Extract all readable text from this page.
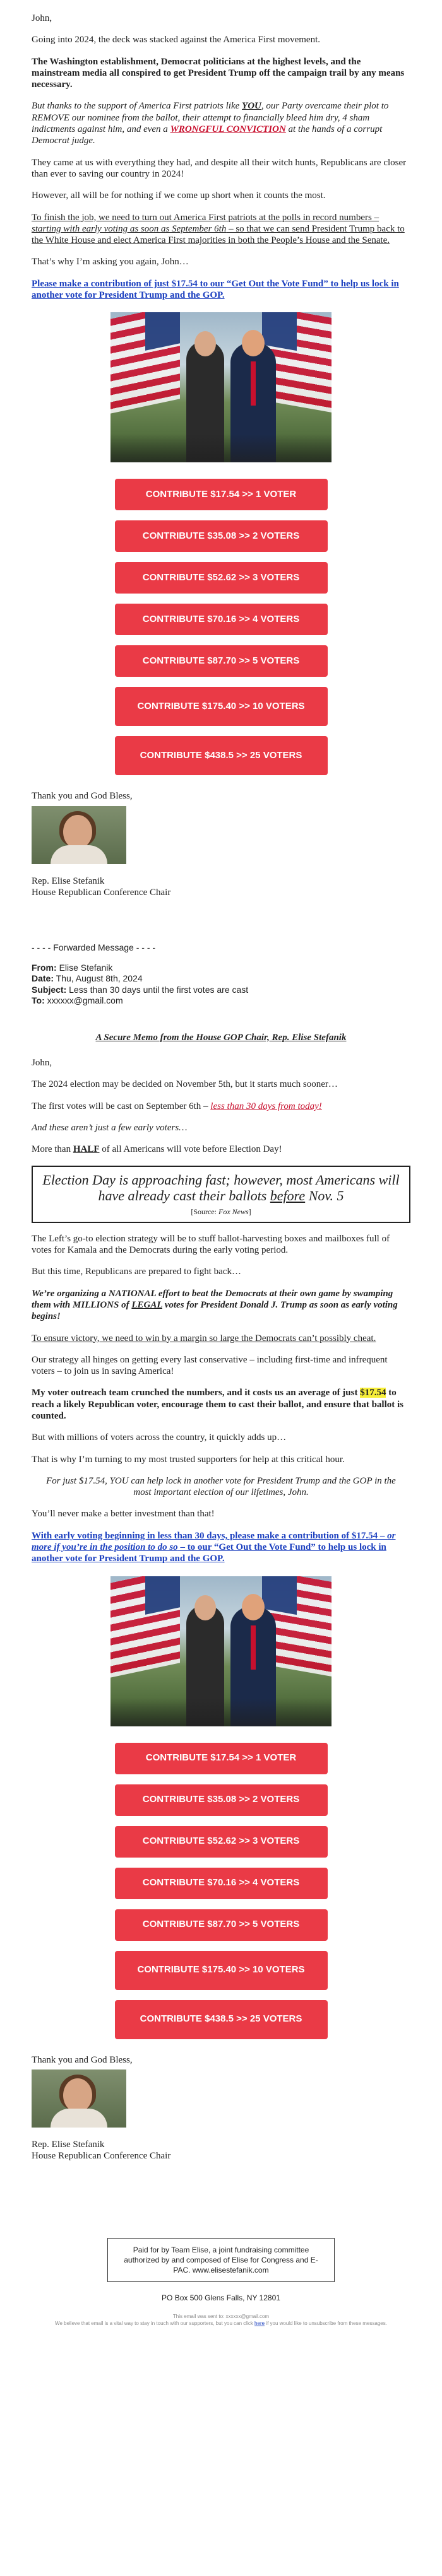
John,

Going into 2024, the deck was stacked against the America First movement.

The Washington establishment, Democrat politicians at the highest levels, and the mainstream media all conspired to get President Trump off the campaign trail by any means necessary.

But thanks to the support of America First patriots like YOU, our Party overcame their plot to REMOVE our nominee from the ballot, their attempt to financially bleed him dry, 4 sham indictments against him, and even a WRONGFUL CONVICTION at the hands of a corrupt Democrat judge.

They came at us with everything they had, and despite all their witch hunts, Republicans are closer than ever to saving our country in 2024!

However, all will be for nothing if we come up short when it counts the most.

To finish the job, we need to turn out America First patriots at the polls in record numbers – starting with early voting as soon as September 6th – so that we can send President Trump back to the White House and elect America First majorities in both the People’s House and the Senate.

That’s why I’m asking you again, John…

Please make a contribution of just $17.54 to our “Get Out the Vote Fund” to help us lock in another vote for President Trump and the GOP.

CONTRIBUTE $17.54 >> 1 VOTER
CONTRIBUTE $35.08 >> 2 VOTERS
CONTRIBUTE $52.62 >> 3 VOTERS
CONTRIBUTE $70.16 >> 4 VOTERS
CONTRIBUTE $87.70 >> 5 VOTERS
CONTRIBUTE $175.40 >> 10 VOTERS
CONTRIBUTE $438.5 >> 25 VOTERS

Thank you and God Bless,

Rep. Elise Stefanik
House Republican Conference Chair
- - - - Forwarded Message - - - -
From: Elise Stefanik
Date: Thu, August 8th, 2024
Subject: Less than 30 days until the first votes are cast
To: xxxxxx@gmail.com
A Secure Memo from the House GOP Chair, Rep. Elise Stefanik

John,

The 2024 election may be decided on November 5th, but it starts much sooner…

The first votes will be cast on September 6th – less than 30 days from today!

And these aren’t just a few early voters…

More than HALF of all Americans will vote before Election Day!

Election Day is approaching fast; however, most Americans will have already cast their ballots before Nov. 5
[Source: Fox News]

The Left’s go-to election strategy will be to stuff ballot-harvesting boxes and mailboxes full of votes for Kamala and the Democrats during the early voting period.

But this time, Republicans are prepared to fight back…

We’re organizing a NATIONAL effort to beat the Democrats at their own game by swamping them with MILLIONS of LEGAL votes for President Donald J. Trump as soon as early voting begins!

To ensure victory, we need to win by a margin so large the Democrats can’t possibly cheat.

Our strategy all hinges on getting every last conservative – including first-time and infrequent voters – to join us in saving America!

My voter outreach team crunched the numbers, and it costs us an average of just $17.54 to reach a likely Republican voter, encourage them to cast their ballot, and ensure that ballot is counted.

But with millions of voters across the country, it quickly adds up…

That is why I’m turning to my most trusted supporters for help at this critical hour.

For just $17.54, YOU can help lock in another vote for President Trump and the GOP in the most important election of our lifetimes, John.

You’ll never make a better investment than that!

With early voting beginning in less than 30 days, please make a contribution of $17.54 – or more if you’re in the position to do so – to our “Get Out the Vote Fund” to help us lock in another vote for President Trump and the GOP.

CONTRIBUTE $17.54 >> 1 VOTER
CONTRIBUTE $35.08 >> 2 VOTERS
CONTRIBUTE $52.62 >> 3 VOTERS
CONTRIBUTE $70.16 >> 4 VOTERS
CONTRIBUTE $87.70 >> 5 VOTERS
CONTRIBUTE $175.40 >> 10 VOTERS
CONTRIBUTE $438.5 >> 25 VOTERS

Thank you and God Bless,

Rep. Elise Stefanik
House Republican Conference Chair
Paid for by Team Elise, a joint fundraising committee authorized by and composed of Elise for Congress and E-PAC. www.elisestefanik.com
PO Box 500 Glens Falls, NY 12801
This email was sent to: xxxxxx@gmail.com
We believe that email is a vital way to stay in touch with our supporters, but you can click here if you would like to unsubscribe from these messages.
